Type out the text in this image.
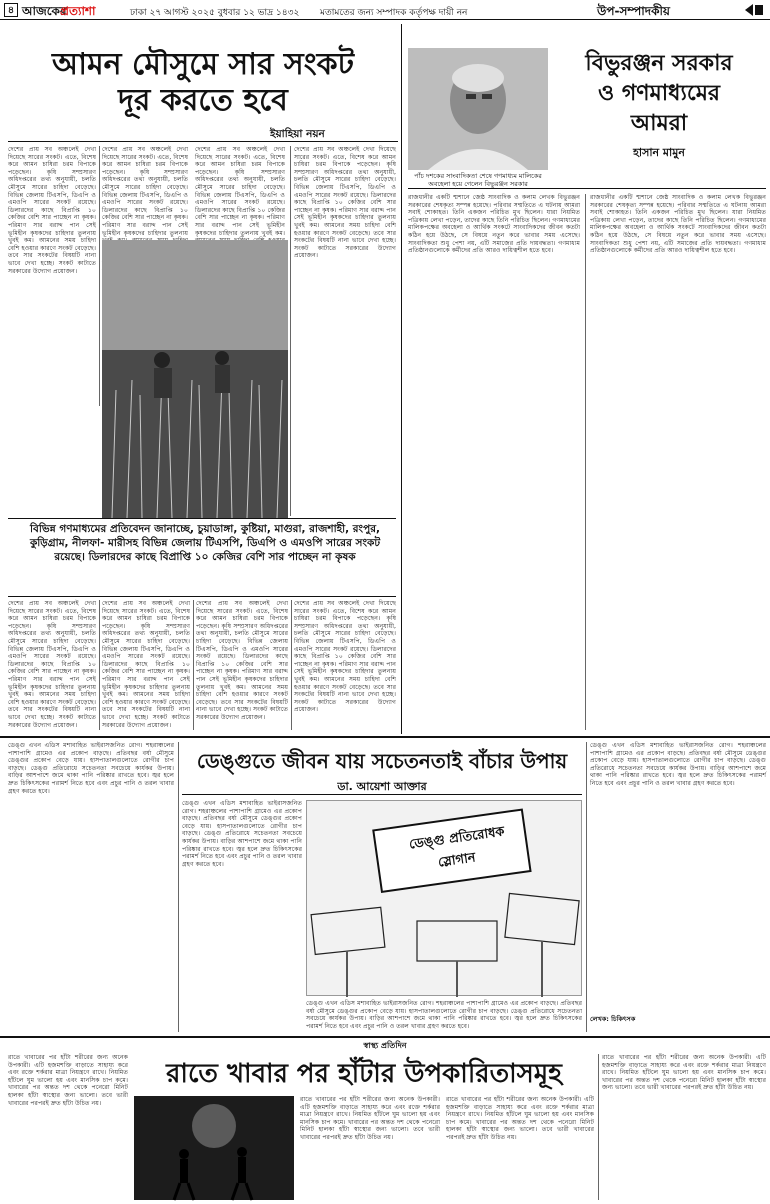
৪ আজকের
প্রত্যাশা	ঢাকা ২৭ আগস্ট ২০২৫ বুধবার ১২ ভাদ্র ১৪৩২ মতামতের জন্য সম্পাদক কর্তৃপক্ষ দায়ী নন	উপ-সম্পাদকীয়
আমন মৌসুমে সার সংকট
দূর করতে হবে
ইয়াহিয়া নয়ন
দেশের প্রায় সব অঞ্চলেই দেখা দিয়েছে সারের সংকট। এতে, বিশেষ করে আমন চাষিরা চরম বিপাকে পড়েছেন। কৃষি সম্প্রসারণ অধিদপ্তরের তথ্য অনুযায়ী, চলতি মৌসুমে সারের চাহিদা বেড়েছে। বিভিন্ন জেলায় টিএসপি, ডিএপি ও এমওপি সারের সংকট রয়েছে। ডিলারদের কাছে বিপ্রাপ্তি ১০ কেজির বেশি সার পাচ্ছেন না কৃষক। পরিমাণ সার বরাদ্দ পান সেই ভূমিহীন কৃষকদের চাহিদার তুলনায় খুবই কম। আমনের সময় চাহিদা বেশি হওয়ার কারণে সংকট বেড়েছে। তবে সার সংকটের বিষয়টি নানা ভাবে দেখা হচ্ছে। সংকট কাটাতে সরকারের উদ্যোগ প্রয়োজন।
দেশের প্রায় সব অঞ্চলেই দেখা দিয়েছে সারের সংকট। এতে, বিশেষ করে আমন চাষিরা চরম বিপাকে পড়েছেন। কৃষি সম্প্রসারণ অধিদপ্তরের তথ্য অনুযায়ী, চলতি মৌসুমে সারের চাহিদা বেড়েছে। বিভিন্ন জেলায় টিএসপি, ডিএপি ও এমওপি সারের সংকট রয়েছে। ডিলারদের কাছে বিপ্রাপ্তি ১০ কেজির বেশি সার পাচ্ছেন না কৃষক। পরিমাণ সার বরাদ্দ পান সেই ভূমিহীন কৃষকদের চাহিদার তুলনায়
দেশের প্রায় সব অঞ্চলেই দেখা দিয়েছে সারের সংকট। এতে, বিশেষ করে আমন চাষিরা চরম বিপাকে পড়েছেন। কৃষি সম্প্রসারণ অধিদপ্তরের তথ্য অনুযায়ী, চলতি মৌসুমে সারের চাহিদা বেড়েছে। বিভিন্ন জেলায় টিএসপি, ডিএপি ও এমওপি সারের সংকট রয়েছে। ডিলারদের কাছে বিপ্রাপ্তি ১০ কেজির বেশি সার পাচ্ছেন না কৃষক। পরিমাণ সার বরাদ্দ পান সেই ভূমিহীন কৃষকদের চাহিদার তুলনায় খুবই কম।
দেশের প্রায় সব অঞ্চলেই দেখা দিয়েছে সারের সংকট। এতে, বিশেষ করে আমন চাষিরা চরম বিপাকে পড়েছেন। কৃষি সম্প্রসারণ অধিদপ্তরের তথ্য অনুযায়ী, চলতি মৌসুমে সারের চাহিদা বেড়েছে। বিভিন্ন জেলায় টিএসপি, ডিএপি ও এমওপি সারের সংকট রয়েছে। ডিলারদের কাছে বিপ্রাপ্তি ১০ কেজির বেশি সার পাচ্ছেন না কৃষক। পরিমাণ সার বরাদ্দ পান সেই ভূমিহীন কৃষকদের চাহিদার তুলনায় খুবই কম। আমনের সময় চাহিদা বেশি হওয়ার কারণে সংকট বেড়েছে। তবে সার সংকটের বিষয়টি নানা ভাবে দেখা হচ্ছে। সংকট কাটাতে সরকারের উদ্যোগ প্রয়োজন।
বিভিন্ন গণমাধ্যমের প্রতিবেদন জানাচ্ছে, চুয়াডাঙ্গা, কুষ্টিয়া, মাগুরা, রাজশাহী, রংপুর, কুড়িগ্রাম, নীলফা- মারীসহ বিভিন্ন জেলায় টিএসপি, ডিএপি ও এমওপি সারের সংকট রয়েছে। ডিলারদের কাছে বিপ্রাপ্তি ১০ কেজির বেশি সার পাচ্ছেন না কৃষক
দেশের প্রায় সব অঞ্চলেই দেখা দিয়েছে সারের সংকট। এতে, বিশেষ করে আমন চাষিরা চরম বিপাকে পড়েছেন। কৃষি সম্প্রসারণ অধিদপ্তরের তথ্য অনুযায়ী, চলতি মৌসুমে সারের চাহিদা বেড়েছে। বিভিন্ন জেলায় টিএসপি, ডিএপি ও এমওপি সারের সংকট রয়েছে। ডিলারদের কাছে বিপ্রাপ্তি ১০ কেজির বেশি সার পাচ্ছেন না কৃষক। পরিমাণ সার বরাদ্দ পান সেই ভূমিহীন কৃষকদের চাহিদার তুলনায় খুবই কম। আমনের সময় চাহিদা বেশি হওয়ার কারণে সংকট বেড়েছে। তবে সার সংকটের বিষয়টি নানা ভাবে দেখা হচ্ছে। সংকট কাটাতে সরকারের উদ্যোগ প্রয়োজন।
দেশের প্রায় সব অঞ্চলেই দেখা দিয়েছে সারের সংকট। এতে, বিশেষ করে আমন চাষিরা চরম বিপাকে পড়েছেন। কৃষি সম্প্রসারণ অধিদপ্তরের তথ্য অনুযায়ী, চলতি মৌসুমে সারের চাহিদা বেড়েছে। বিভিন্ন জেলায় টিএসপি, ডিএপি ও এমওপি সারের সংকট রয়েছে। ডিলারদের কাছে বিপ্রাপ্তি ১০ কেজির বেশি সার পাচ্ছেন না কৃষক। পরিমাণ সার বরাদ্দ পান সেই ভূমিহীন কৃষকদের চাহিদার তুলনায় খুবই কম। আমনের সময় চাহিদা বেশি হওয়ার কারণে সংকট বেড়েছে। তবে সার সংকটের বিষয়টি নানা ভাবে দেখা হচ্ছে। সংকট কাটাতে সরকারের উদ্যোগ প্রয়োজন।
দেশের প্রায় সব অঞ্চলেই দেখা দিয়েছে সারের সংকট। এতে, বিশেষ করে আমন চাষিরা চরম বিপাকে পড়েছেন। কৃষি সম্প্রসারণ অধিদপ্তরের তথ্য অনুযায়ী, চলতি মৌসুমে সারের চাহিদা বেড়েছে। বিভিন্ন জেলায় টিএসপি, ডিএপি ও এমওপি সারের সংকট রয়েছে। ডিলারদের কাছে বিপ্রাপ্তি ১০ কেজির বেশি সার পাচ্ছেন না কৃষক। পরিমাণ সার বরাদ্দ পান সেই ভূমিহীন কৃষকদের চাহিদার তুলনায় খুবই কম। আমনের সময় চাহিদা বেশি হওয়ার কারণে সংকট বেড়েছে। তবে সার সংকটের বিষয়টি নানা ভাবে দেখা হচ্ছে। সংকট কাটাতে সরকারের উদ্যোগ প্রয়োজন।
দেশের প্রায় সব অঞ্চলেই দেখা দিয়েছে সারের সংকট। এতে, বিশেষ করে আমন চাষিরা চরম বিপাকে পড়েছেন। কৃষি সম্প্রসারণ অধিদপ্তরের তথ্য অনুযায়ী, চলতি মৌসুমে সারের চাহিদা বেড়েছে। বিভিন্ন জেলায় টিএসপি, ডিএপি ও এমওপি সারের সংকট রয়েছে। ডিলারদের কাছে বিপ্রাপ্তি ১০ কেজির বেশি সার পাচ্ছেন না কৃষক। পরিমাণ সার বরাদ্দ পান সেই ভূমিহীন কৃষকদের চাহিদার তুলনায় খুবই কম। আমনের সময় চাহিদা বেশি হওয়ার কারণে সংকট বেড়েছে। তবে সার সংকটের বিষয়টি নানা ভাবে দেখা হচ্ছে। সংকট কাটাতে সরকারের উদ্যোগ প্রয়োজন।
পাঁচ দশকের সাংবাদিকতা শেষে গণমাধ্যম মালিকের অবহেলা হয়ে গেলেন বিভুরঞ্জন সরকার
বিভুরঞ্জন সরকার
ও গণমাধ্যমের
আমরা
হাসান মামুন
রাজধানীর একটি শ্মশানে জেষ্ঠ সাংবাদিক ও কলাম লেখক বিভুরঞ্জন সরকারের শেষকৃত্য সম্পন্ন হয়েছে। পরিবার সম্মতিতে এ ঘটনায় আমরা সবাই শোকাহত। তিনি একজন পরিচিত মুখ ছিলেন। যারা নিয়মিত পত্রিকায় লেখা পড়েন, তাদের কাছে তিনি পরিচিত ছিলেন। গণমাধ্যমের মালিকপক্ষের অবহেলা ও আর্থিক সংকটে সাংবাদিকদের জীবন কতটা কঠিন হয়ে উঠছে, সে বিষয়ে নতুন করে ভাবার সময় এসেছে। সাংবাদিকতা শুধু পেশা নয়, এটি সমাজের প্রতি দায়বদ্ধতা। গণমাধ্যম প্রতিষ্ঠানগুলোকে কর্মীদের প্রতি আরও দায়িত্বশীল হতে হবে।
রাজধানীর একটি শ্মশানে জেষ্ঠ সাংবাদিক ও কলাম লেখক বিভুরঞ্জন সরকারের শেষকৃত্য সম্পন্ন হয়েছে। পরিবার সম্মতিতে এ ঘটনায় আমরা সবাই শোকাহত। তিনি একজন পরিচিত মুখ ছিলেন। যারা নিয়মিত পত্রিকায় লেখা পড়েন, তাদের কাছে তিনি পরিচিত ছিলেন। গণমাধ্যমের মালিকপক্ষের অবহেলা ও আর্থিক সংকটে সাংবাদিকদের জীবন কতটা কঠিন হয়ে উঠছে, সে বিষয়ে নতুন করে ভাবার সময় এসেছে। সাংবাদিকতা শুধু পেশা নয়, এটি সমাজের প্রতি দায়বদ্ধতা। গণমাধ্যম প্রতিষ্ঠানগুলোকে কর্মীদের প্রতি আরও দায়িত্বশীল হতে হবে।
ডেঙ্গু এখন এডিস মশাবাহিত ভাইরাসজনিত রোগ। শহরাঞ্চলের পাশাপাশি গ্রামেও এর প্রকোপ বাড়ছে। প্রতিবছর বর্ষা মৌসুমে ডেঙ্গুর প্রকোপ বেড়ে যায়। হাসপাতালগুলোতে রোগীর চাপ বাড়ছে। ডেঙ্গু প্রতিরোধে সচেতনতা সবচেয়ে কার্যকর উপায়। বাড়ির আশপাশে জমে থাকা পানি পরিষ্কার রাখতে হবে। জ্বর হলে দ্রুত চিকিৎসকের পরামর্শ নিতে হবে এবং প্রচুর পানি ও তরল খাবার গ্রহণ করতে হবে।
ডেঙ্গুতে জীবন যায় সচেতনতাই বাঁচার উপায়
ডা. আয়েশা আক্তার
ডেঙ্গু এখন এডিস মশাবাহিত ভাইরাসজনিত রোগ। শহরাঞ্চলের পাশাপাশি গ্রামেও এর প্রকোপ বাড়ছে। প্রতিবছর বর্ষা মৌসুমে ডেঙ্গুর প্রকোপ বেড়ে যায়। হাসপাতালগুলোতে রোগীর চাপ বাড়ছে। ডেঙ্গু প্রতিরোধে সচেতনতা সবচেয়ে কার্যকর উপায়। বাড়ির আশপাশে জমে থাকা পানি পরিষ্কার রাখতে হবে। জ্বর হলে দ্রুত চিকিৎসকের পরামর্শ নিতে হবে এবং প্রচুর পানি ও তরল খাবার গ্রহণ করতে হবে।
ডেঙ্গু প্রতিরোধক
স্লোগান
ডেঙ্গু এখন এডিস মশাবাহিত ভাইরাসজনিত রোগ। শহরাঞ্চলের পাশাপাশি গ্রামেও এর প্রকোপ বাড়ছে। প্রতিবছর বর্ষা মৌসুমে ডেঙ্গুর প্রকোপ বেড়ে যায়। হাসপাতালগুলোতে রোগীর চাপ বাড়ছে। ডেঙ্গু প্রতিরোধে সচেতনতা সবচেয়ে কার্যকর উপায়। বাড়ির আশপাশে জমে থাকা পানি পরিষ্কার রাখতে হবে। জ্বর হলে দ্রুত চিকিৎসকের পরামর্শ নিতে হবে এবং প্রচুর পানি ও তরল খাবার গ্রহণ করতে হবে।
ডেঙ্গু এখন এডিস মশাবাহিত ভাইরাসজনিত রোগ। শহরাঞ্চলের পাশাপাশি গ্রামেও এর প্রকোপ বাড়ছে। প্রতিবছর বর্ষা মৌসুমে ডেঙ্গুর প্রকোপ বেড়ে যায়। হাসপাতালগুলোতে রোগীর চাপ বাড়ছে। ডেঙ্গু প্রতিরোধে সচেতনতা সবচেয়ে কার্যকর উপায়। বাড়ির আশপাশে জমে থাকা পানি পরিষ্কার রাখতে হবে। জ্বর হলে দ্রুত চিকিৎসকের পরামর্শ নিতে হবে এবং প্রচুর পানি ও তরল খাবার গ্রহণ করতে হবে।
লেখক: চিকিৎসক
স্বাস্থ্য প্রতিদিন
রাতে খাবারের পর হাঁটা শরীরের জন্য অনেক উপকারী। এটি হজমশক্তি বাড়াতে সাহায্য করে এবং রক্তে শর্করার মাত্রা নিয়ন্ত্রণে রাখে। নিয়মিত হাঁটলে ঘুম ভালো হয় এবং মানসিক চাপ কমে। খাবারের পর অন্তত দশ থেকে পনেরো মিনিট হালকা হাঁটা স্বাস্থ্যের জন্য ভালো। তবে ভারী খাবারের পরপরই দ্রুত হাঁটা উচিত নয়।
রাতে খাবার পর হাঁটার উপকারিতাসমূহ
রাতে খাবারের পর হাঁটা শরীরের জন্য অনেক উপকারী। এটি হজমশক্তি বাড়াতে সাহায্য করে এবং রক্তে শর্করার মাত্রা নিয়ন্ত্রণে রাখে। নিয়মিত হাঁটলে ঘুম ভালো হয় এবং মানসিক চাপ কমে। খাবারের পর অন্তত দশ থেকে পনেরো মিনিট হালকা হাঁটা স্বাস্থ্যের জন্য ভালো। তবে ভারী খাবারের পরপরই দ্রুত হাঁটা উচিত নয়।
রাতে খাবারের পর হাঁটা শরীরের জন্য অনেক উপকারী। এটি হজমশক্তি বাড়াতে সাহায্য করে এবং রক্তে শর্করার মাত্রা নিয়ন্ত্রণে রাখে। নিয়মিত হাঁটলে ঘুম ভালো হয় এবং মানসিক চাপ কমে। খাবারের পর অন্তত দশ থেকে পনেরো মিনিট হালকা হাঁটা স্বাস্থ্যের জন্য ভালো। তবে ভারী খাবারের পরপরই দ্রুত হাঁটা উচিত নয়।
রাতে খাবারের পর হাঁটা শরীরের জন্য অনেক উপকারী। এটি হজমশক্তি বাড়াতে সাহায্য করে এবং রক্তে শর্করার মাত্রা নিয়ন্ত্রণে রাখে। নিয়মিত হাঁটলে ঘুম ভালো হয় এবং মানসিক চাপ কমে। খাবারের পর অন্তত দশ থেকে পনেরো মিনিট হালকা হাঁটা স্বাস্থ্যের জন্য ভালো। তবে ভারী খাবারের পরপরই দ্রুত হাঁটা উচিত নয়।
